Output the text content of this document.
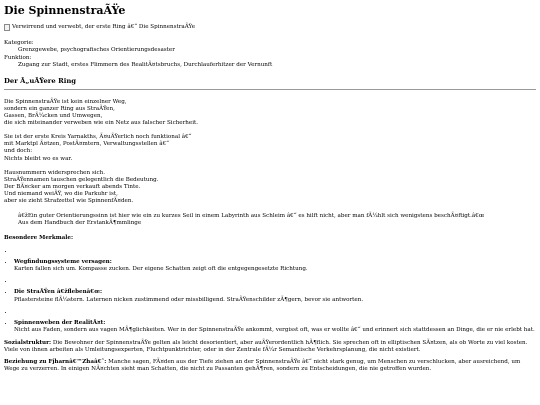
Die SpinnenstraÃŸe
Verwirrend und verwebt, der erste Ring â€“ Die SpinnenstraÃŸe
Kategorie:
Grenzgewebe, psychografisches Orientierungsdesaster
Funktion:
Zugang zur Stadt, erstes Flimmern des RealitÃ¤tsbruchs, Durchlauferhitzer der Vernunft
Der Ã„uÃŸere Ring
Die SpinnenstraÃŸe ist kein einzelner Weg,
sondern ein ganzer Ring aus StraÃŸen,
Gassen, BrÃ¼cken und Umwegen,
die sich miteinander verweben wie ein Netz aus falscher Sicherheit.
Sie ist der erste Kreis Yarnakths, Ã¤uÃŸerlich noch funktional â€“
mit Marktpl Ã¤tzen, PostÃ¤mtern, Verwaltungsstellen â€“
und doch:
Nichts bleibt wo es war.
Hausnummern widersprechen sich.
StraÃŸennamen tauschen gelegentlich die Bedeutung.
Der BÃ¤cker am morgen verkauft abends Tinte.
Und niemand weiÃŸ, wo die Parkuhr ist,
aber sie zieht StrafzetteI wie SpinnenfÃ¤den.

â€žEin guter Orientierungssinn ist hier wie ein zu kurzes Seil in einem Labyrinth aus Schleim â€“ es hilft nicht, aber man fÃ¼hlt sich wenigstens beschÃ¤ftigt.â€œ

Aus dem Handbuch der ErstankÃ¶mmlinge

Besondere Merkmale:
•
• Wegfindungssysteme versagen:
Karten fallen sich um. Kompasse zucken. Der eigene Schatten zeigt oft die entgegengesetzte Richtung.
•
• Die StraÃŸen â€žflebenâ€œ:
Pflastersteine flÃ¼stern. Laternen nicken zustimmend oder missbilligend. StraÃŸenschilder zÃ¶gern, bevor sie antworten.
•
• Spinnenweben der RealitÃ¤t:
Nicht aus Faden, sondern aus vagen MÃ¶glichkeiten. Wer in der SpinnenstraÃŸe ankommt, vergisst oft, was er wollte â€“ und erinnert sich stattdessen an Dinge, die er nie erlebt hat.
Sozialstruktur: Die Bewohner der SpinnenstraÃŸe gelten als leicht desorientiert, aber auÃŸerordentlich hÃ¶flich. Sie sprechen oft in elliptischen SÃ¤tzen, als ob Worte zu viel kosten. Viele von ihnen arbeiten als Umleitungsexperten, Fluchtpunktrichter, oder in der Zentrale fÃ¼r Semantische Verkehrsplanung, die nicht existiert.
Beziehung zu Fjharnâ€™Zhaâ€˜: Manche sagen, FÃ¤den aus der Tiefe ziehen an der SpinnenstraÃŸe â€“ nicht stark genug, um Menschen zu verschlucken, aber ausreichend, um Wege zu verzerren. In einigen NÃ¤chten sieht man Schatten, die nicht zu Passanten gehÃ¶ren, sondern zu Entscheidungen, die nie getroffen wurden.
